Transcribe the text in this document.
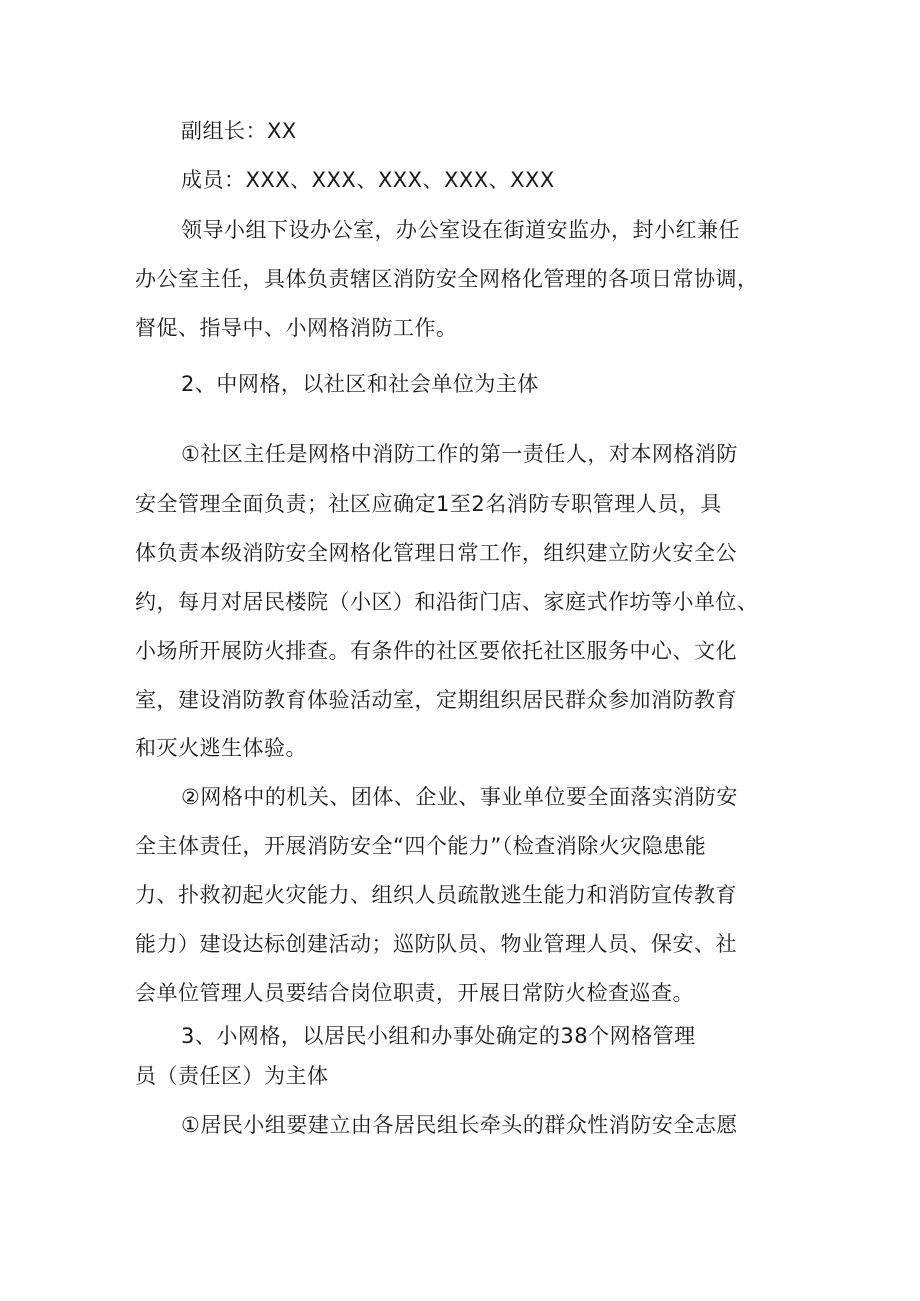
副组长：XX
成员：XXX、XXX、XXX、XXX、XXX
领导小组下设办公室，办公室设在街道安监办，封小红兼任
办公室主任，具体负责辖区消防安全网格化管理的各项日常协调，
督促、指导中、小网格消防工作。
2、中网格，以社区和社会单位为主体
①社区主任是网格中消防工作的第一责任人，对本网格消防
安全管理全面负责；社区应确定1至2名消防专职管理人员，具
体负责本级消防安全网格化管理日常工作，组织建立防火安全公
约，每月对居民楼院（小区）和沿街门店、家庭式作坊等小单位、
小场所开展防火排查。有条件的社区要依托社区服务中心、文化
室，建设消防教育体验活动室，定期组织居民群众参加消防教育
和灭火逃生体验。
②网格中的机关、团体、企业、事业单位要全面落实消防安
全主体责任，开展消防安全“四个能力”（检查消除火灾隐患能
力、扑救初起火灾能力、组织人员疏散逃生能力和消防宣传教育
能力）建设达标创建活动；巡防队员、物业管理人员、保安、社
会单位管理人员要结合岗位职责，开展日常防火检查巡查。
3、小网格，以居民小组和办事处确定的38个网格管理
员（责任区）为主体
①居民小组要建立由各居民组长牵头的群众性消防安全志愿
